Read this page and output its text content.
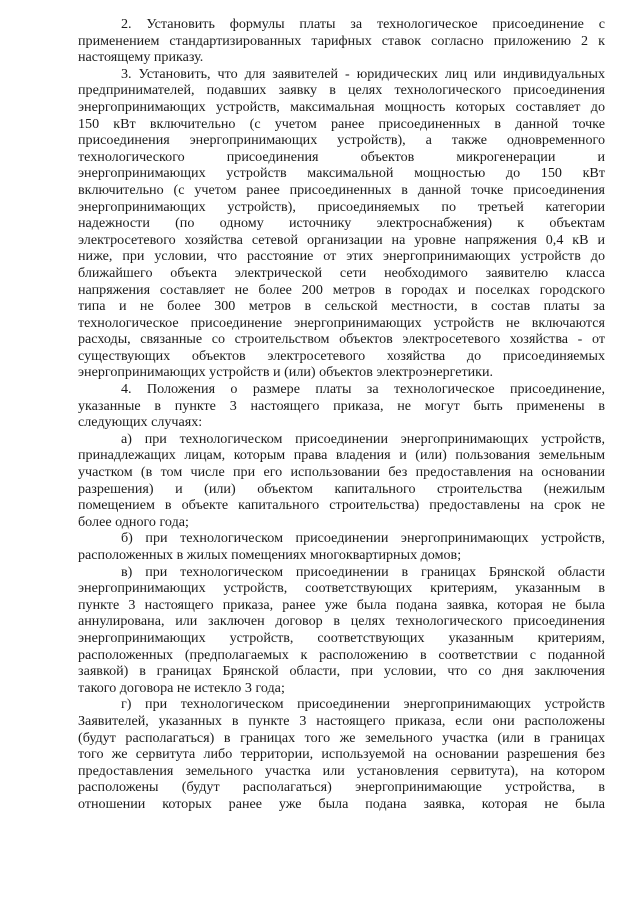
2. Установить формулы платы за технологическое присоединение с
применением стандартизированных тарифных ставок согласно приложению 2 к
настоящему приказу.
3. Установить, что для заявителей - юридических лиц или индивидуальных
предпринимателей, подавших заявку в целях технологического присоединения
энергопринимающих устройств, максимальная мощность которых составляет до
150 кВт включительно (с учетом ранее присоединенных в данной точке
присоединения энергопринимающих устройств), а также одновременного
технологического присоединения объектов микрогенерации и
энергопринимающих устройств максимальной мощностью до 150 кВт
включительно (с учетом ранее присоединенных в данной точке присоединения
энергопринимающих устройств), присоединяемых по третьей категории
надежности (по одному источнику электроснабжения) к объектам
электросетевого хозяйства сетевой организации на уровне напряжения 0,4 кВ и
ниже, при условии, что расстояние от этих энергопринимающих устройств до
ближайшего объекта электрической сети необходимого заявителю класса
напряжения составляет не более 200 метров в городах и поселках городского
типа и не более 300 метров в сельской местности, в состав платы за
технологическое присоединение энергопринимающих устройств не включаются
расходы, связанные со строительством объектов электросетевого хозяйства - от
существующих объектов электросетевого хозяйства до присоединяемых
энергопринимающих устройств и (или) объектов электроэнергетики.
4. Положения о размере платы за технологическое присоединение,
указанные в пункте 3 настоящего приказа, не могут быть применены в
следующих случаях:
а) при технологическом присоединении энергопринимающих устройств,
принадлежащих лицам, которым права владения и (или) пользования земельным
участком (в том числе при его использовании без предоставления на основании
разрешения) и (или) объектом капитального строительства (нежилым
помещением в объекте капитального строительства) предоставлены на срок не
более одного года;
б) при технологическом присоединении энергопринимающих устройств,
расположенных в жилых помещениях многоквартирных домов;
в) при технологическом присоединении в границах Брянской области
энергопринимающих устройств, соответствующих критериям, указанным в
пункте 3 настоящего приказа, ранее уже была подана заявка, которая не была
аннулирована, или заключен договор в целях технологического присоединения
энергопринимающих устройств, соответствующих указанным критериям,
расположенных (предполагаемых к расположению в соответствии с поданной
заявкой) в границах Брянской области, при условии, что со дня заключения
такого договора не истекло 3 года;
г) при технологическом присоединении энергопринимающих устройств
Заявителей, указанных в пункте 3 настоящего приказа, если они расположены
(будут располагаться) в границах того же земельного участка (или в границах
того же сервитута либо территории, используемой на основании разрешения без
предоставления земельного участка или установления сервитута), на котором
расположены (будут располагаться) энергопринимающие устройства, в
отношении которых ранее уже была подана заявка, которая не была
